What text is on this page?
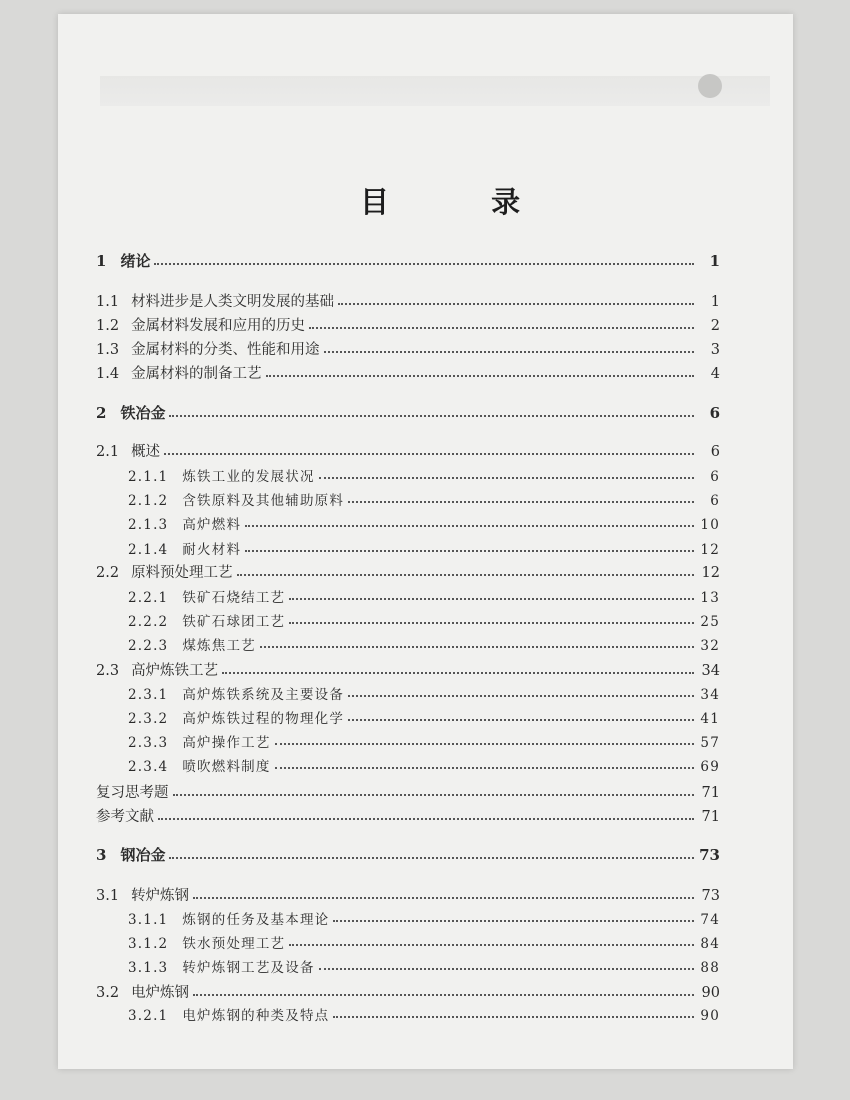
目 录
1 绪论	1
1.1 材料进步是人类文明发展的基础	1
1.2 金属材料发展和应用的历史	2
1.3 金属材料的分类、性能和用途	3
1.4 金属材料的制备工艺	4
2 铁冶金	6
2.1 概述	6
2.1.1 炼铁工业的发展状况	6
2.1.2 含铁原料及其他辅助原料	6
2.1.3 高炉燃料	10
2.1.4 耐火材料	12
2.2 原料预处理工艺	12
2.2.1 铁矿石烧结工艺	13
2.2.2 铁矿石球团工艺	25
2.2.3 煤炼焦工艺	32
2.3 高炉炼铁工艺	34
2.3.1 高炉炼铁系统及主要设备	34
2.3.2 高炉炼铁过程的物理化学	41
2.3.3 高炉操作工艺	57
2.3.4 喷吹燃料制度	69
复习思考题	71
参考文献	71
3 钢冶金	73
3.1 转炉炼钢	73
3.1.1 炼钢的任务及基本理论	74
3.1.2 铁水预处理工艺	84
3.1.3 转炉炼钢工艺及设备	88
3.2 电炉炼钢	90
3.2.1 电炉炼钢的种类及特点	90
